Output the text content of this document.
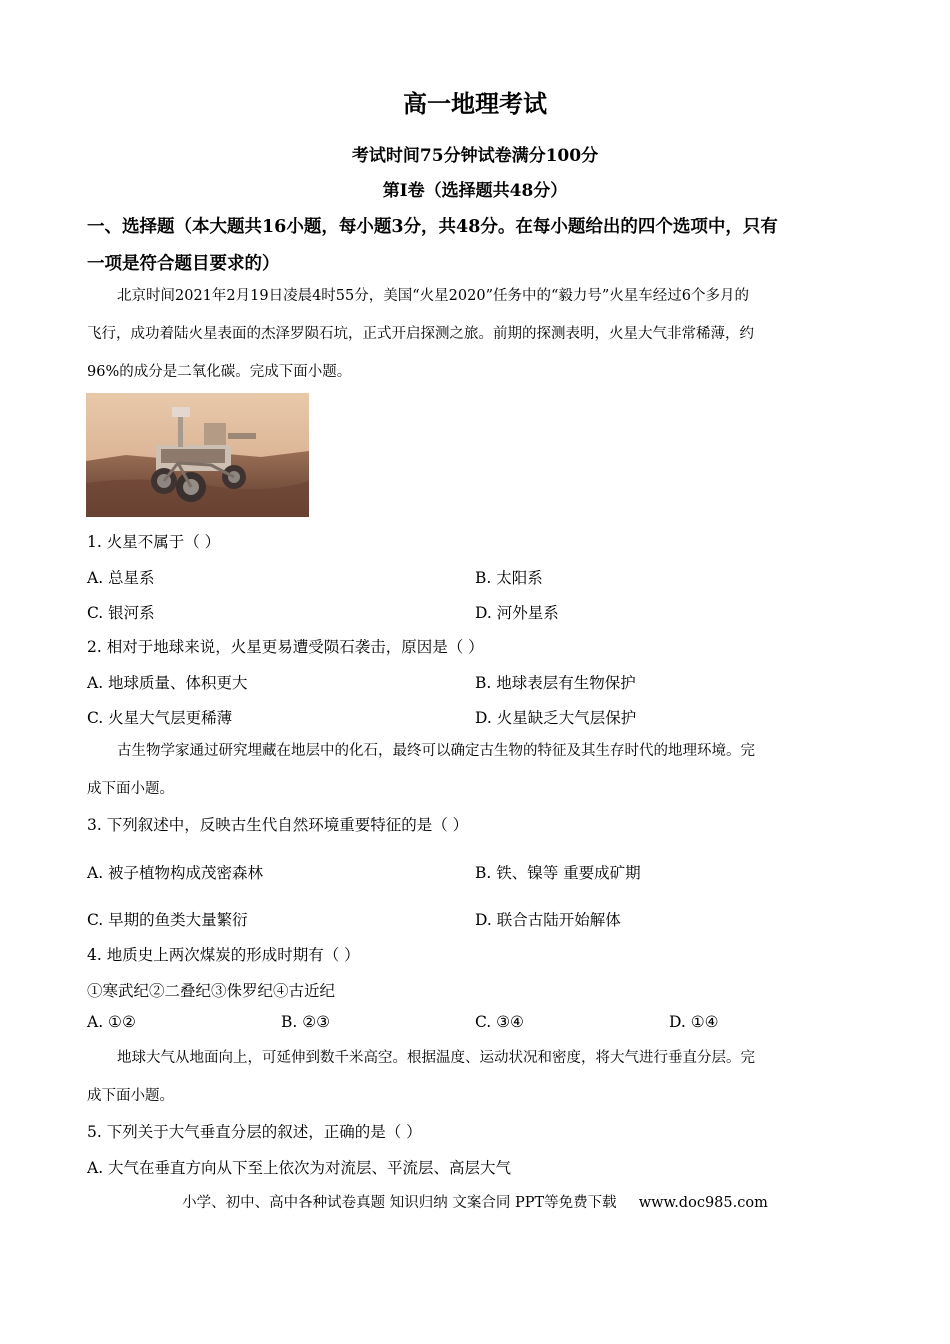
高一地理考试
考试时间75分钟试卷满分100分
第Ⅰ卷（选择题共48分）
一、选择题（本大题共16小题，每小题3分，共48分。在每小题给出的四个选项中，只有
一项是符合题目要求的）
北京时间2021年2月19日凌晨4时55分，美国“火星2020”任务中的“毅力号”火星车经过6个多月的
飞行，成功着陆火星表面的杰泽罗陨石坑，正式开启探测之旅。前期的探测表明，火星大气非常稀薄，约
96%的成分是二氧化碳。完成下面小题。
1. 火星不属于（ ）
A. 总星系	B. 太阳系
C. 银河系	D. 河外星系
2. 相对于地球来说，火星更易遭受陨石袭击，原因是（ ）
A. 地球质量、体积更大	B. 地球表层有生物保护
C. 火星大气层更稀薄	D. 火星缺乏大气层保护
古生物学家通过研究埋藏在地层中的化石，最终可以确定古生物的特征及其生存时代的地理环境。完
成下面小题。
3. 下列叙述中，反映古生代自然环境重要特征的是（ ）
A. 被子植物构成茂密森林	B. 铁、镍等 重要成矿期
C. 早期的鱼类大量繁衍	D. 联合古陆开始解体
4. 地质史上两次煤炭的形成时期有（ ）
①寒武纪②二叠纪③侏罗纪④古近纪
A. ①②	B. ②③	C. ③④	D. ①④
地球大气从地面向上，可延伸到数千米高空。根据温度、运动状况和密度，将大气进行垂直分层。完
成下面小题。
5. 下列关于大气垂直分层的叙述，正确的是（ ）
A. 大气在垂直方向从下至上依次为对流层、平流层、高层大气
小学、初中、高中各种试卷真题 知识归纳 文案合同 PPT等免费下载 www.doc985.com
